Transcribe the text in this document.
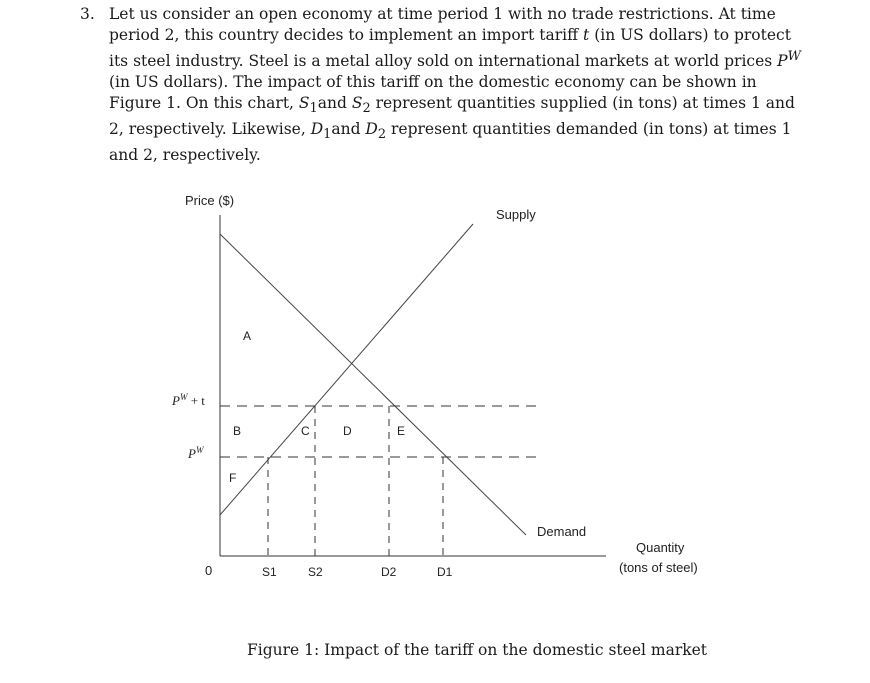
3. Let us consider an open economy at time period 1 with no trade restrictions. At time period 2, this country decides to implement an import tariff t (in US dollars) to protect its steel industry. Steel is a metal alloy sold on international markets at world prices $P^W$ (in US dollars). The impact of this tariff on the domestic economy can be shown in Figure 1. On this chart, $S_1and$ $S_2$ represent quantities supplied (in tons) at times 1 and 2, respectively. Likewise, $D_1and$ $D_2$ represent quantities demanded (in tons) at times 1 and 2, respectively.
Price ($)
Quantity
(tons of steel)
0
$P^W + t$
$P^W$
Supply
Demand
A
B	C	D	E
F
S1	S2	D2	D1
Figure 1: Impact of the tariff on the domestic steel market
